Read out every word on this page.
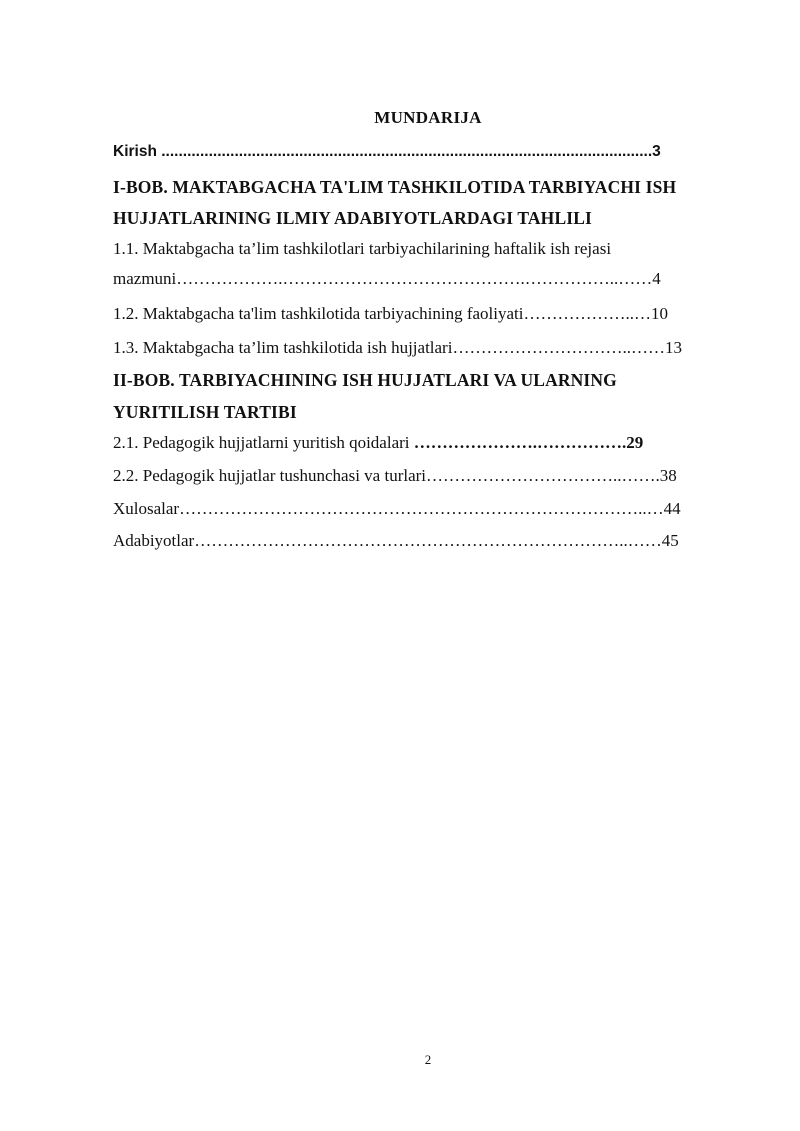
MUNDARIJA
Kirish ..................................................................................................................3
I-BOB. MAKTABGACHA TA'LIM TASHKILOTIDA TARBIYACHI ISH
HUJJATLARINING ILMIY ADABIYOTLARDAGI TAHLILI
1.1. Maktabgacha ta’lim tashkilotlari tarbiyachilarining haftalik ish rejasi
mazmuni……………….…………………………………….……………..……4
1.2. Maktabgacha ta'lim tashkilotida tarbiyachining faoliyati………………..…10
1.3. Maktabgacha ta’lim tashkilotida ish hujjatlari…………………………..……13
II-BOB. TARBIYACHINING ISH HUJJATLARI VA ULARNING
YURITILISH TARTIBI
2.1. Pedagogik hujjatlarni yuritish qoidalari ………………….…………….29
2.2. Pedagogik hujjatlar tushunchasi va turlari……………………………..…….38
Xulosalar………………………………………………………………………..…44
Adabiyotlar…………………………………………………………………..……45
2
